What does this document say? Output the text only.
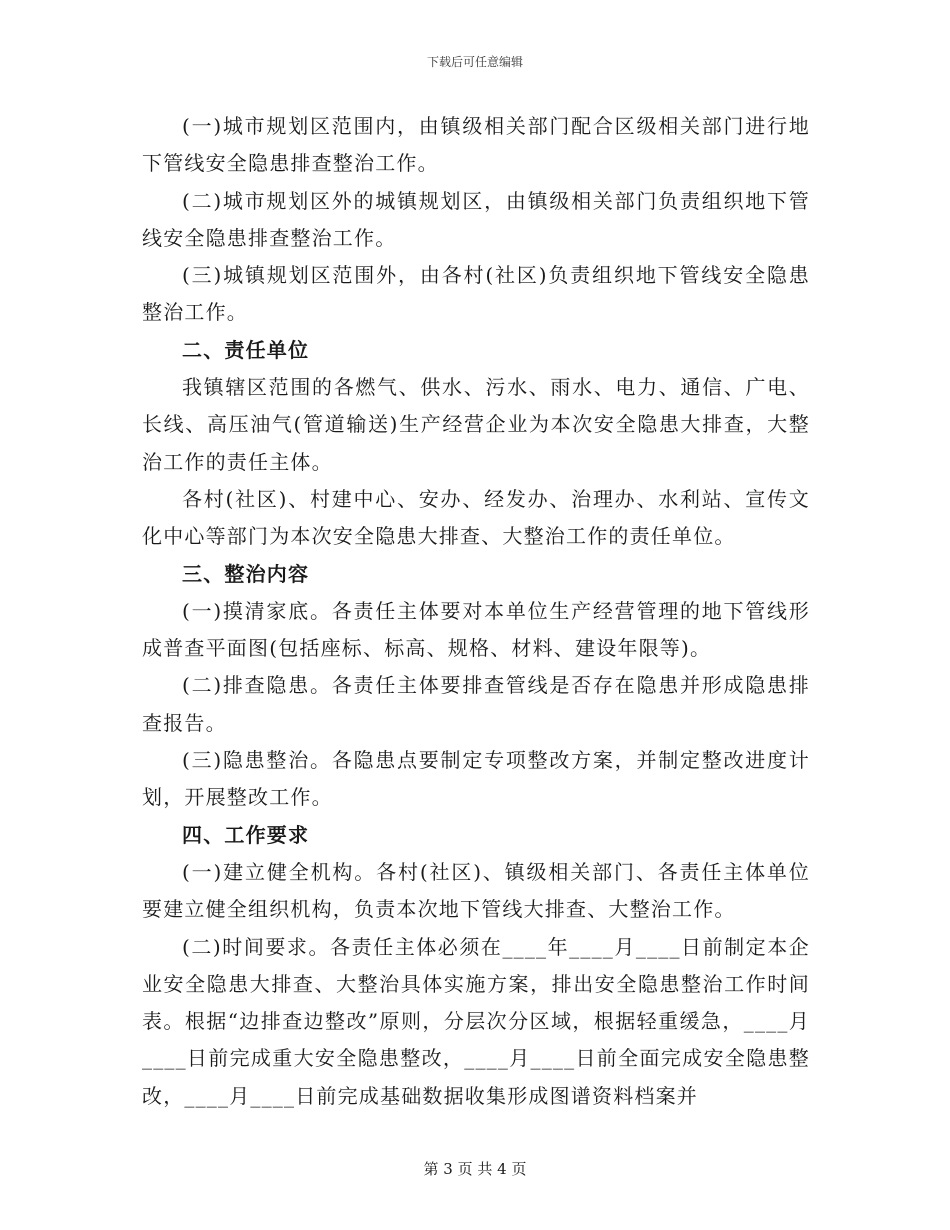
下载后可任意编辑

(一)城市规划区范围内，由镇级相关部门配合区级相关部门进行地下管线安全隐患排查整治工作。

(二)城市规划区外的城镇规划区，由镇级相关部门负责组织地下管线安全隐患排查整治工作。

(三)城镇规划区范围外，由各村(社区)负责组织地下管线安全隐患整治工作。

二、责任单位

我镇辖区范围的各燃气、供水、污水、雨水、电力、通信、广电、长线、高压油气(管道输送)生产经营企业为本次安全隐患大排查，大整治工作的责任主体。

各村(社区)、村建中心、安办、经发办、治理办、水利站、宣传文化中心等部门为本次安全隐患大排查、大整治工作的责任单位。

三、整治内容

(一)摸清家底。各责任主体要对本单位生产经营管理的地下管线形成普查平面图(包括座标、标高、规格、材料、建设年限等)。

(二)排查隐患。各责任主体要排查管线是否存在隐患并形成隐患排查报告。

(三)隐患整治。各隐患点要制定专项整改方案，并制定整改进度计划，开展整改工作。

四、工作要求

(一)建立健全机构。各村(社区)、镇级相关部门、各责任主体单位要建立健全组织机构，负责本次地下管线大排查、大整治工作。

(二)时间要求。各责任主体必须在____年____月____日前制定本企业安全隐患大排查、大整治具体实施方案，排出安全隐患整治工作时间表。根据“边排查边整改”原则，分层次分区域，根据轻重缓急，____月____日前完成重大安全隐患整改，____月____日前全面完成安全隐患整改，____月____日前完成基础数据收集形成图谱资料档案并

第 3 页 共 4 页
